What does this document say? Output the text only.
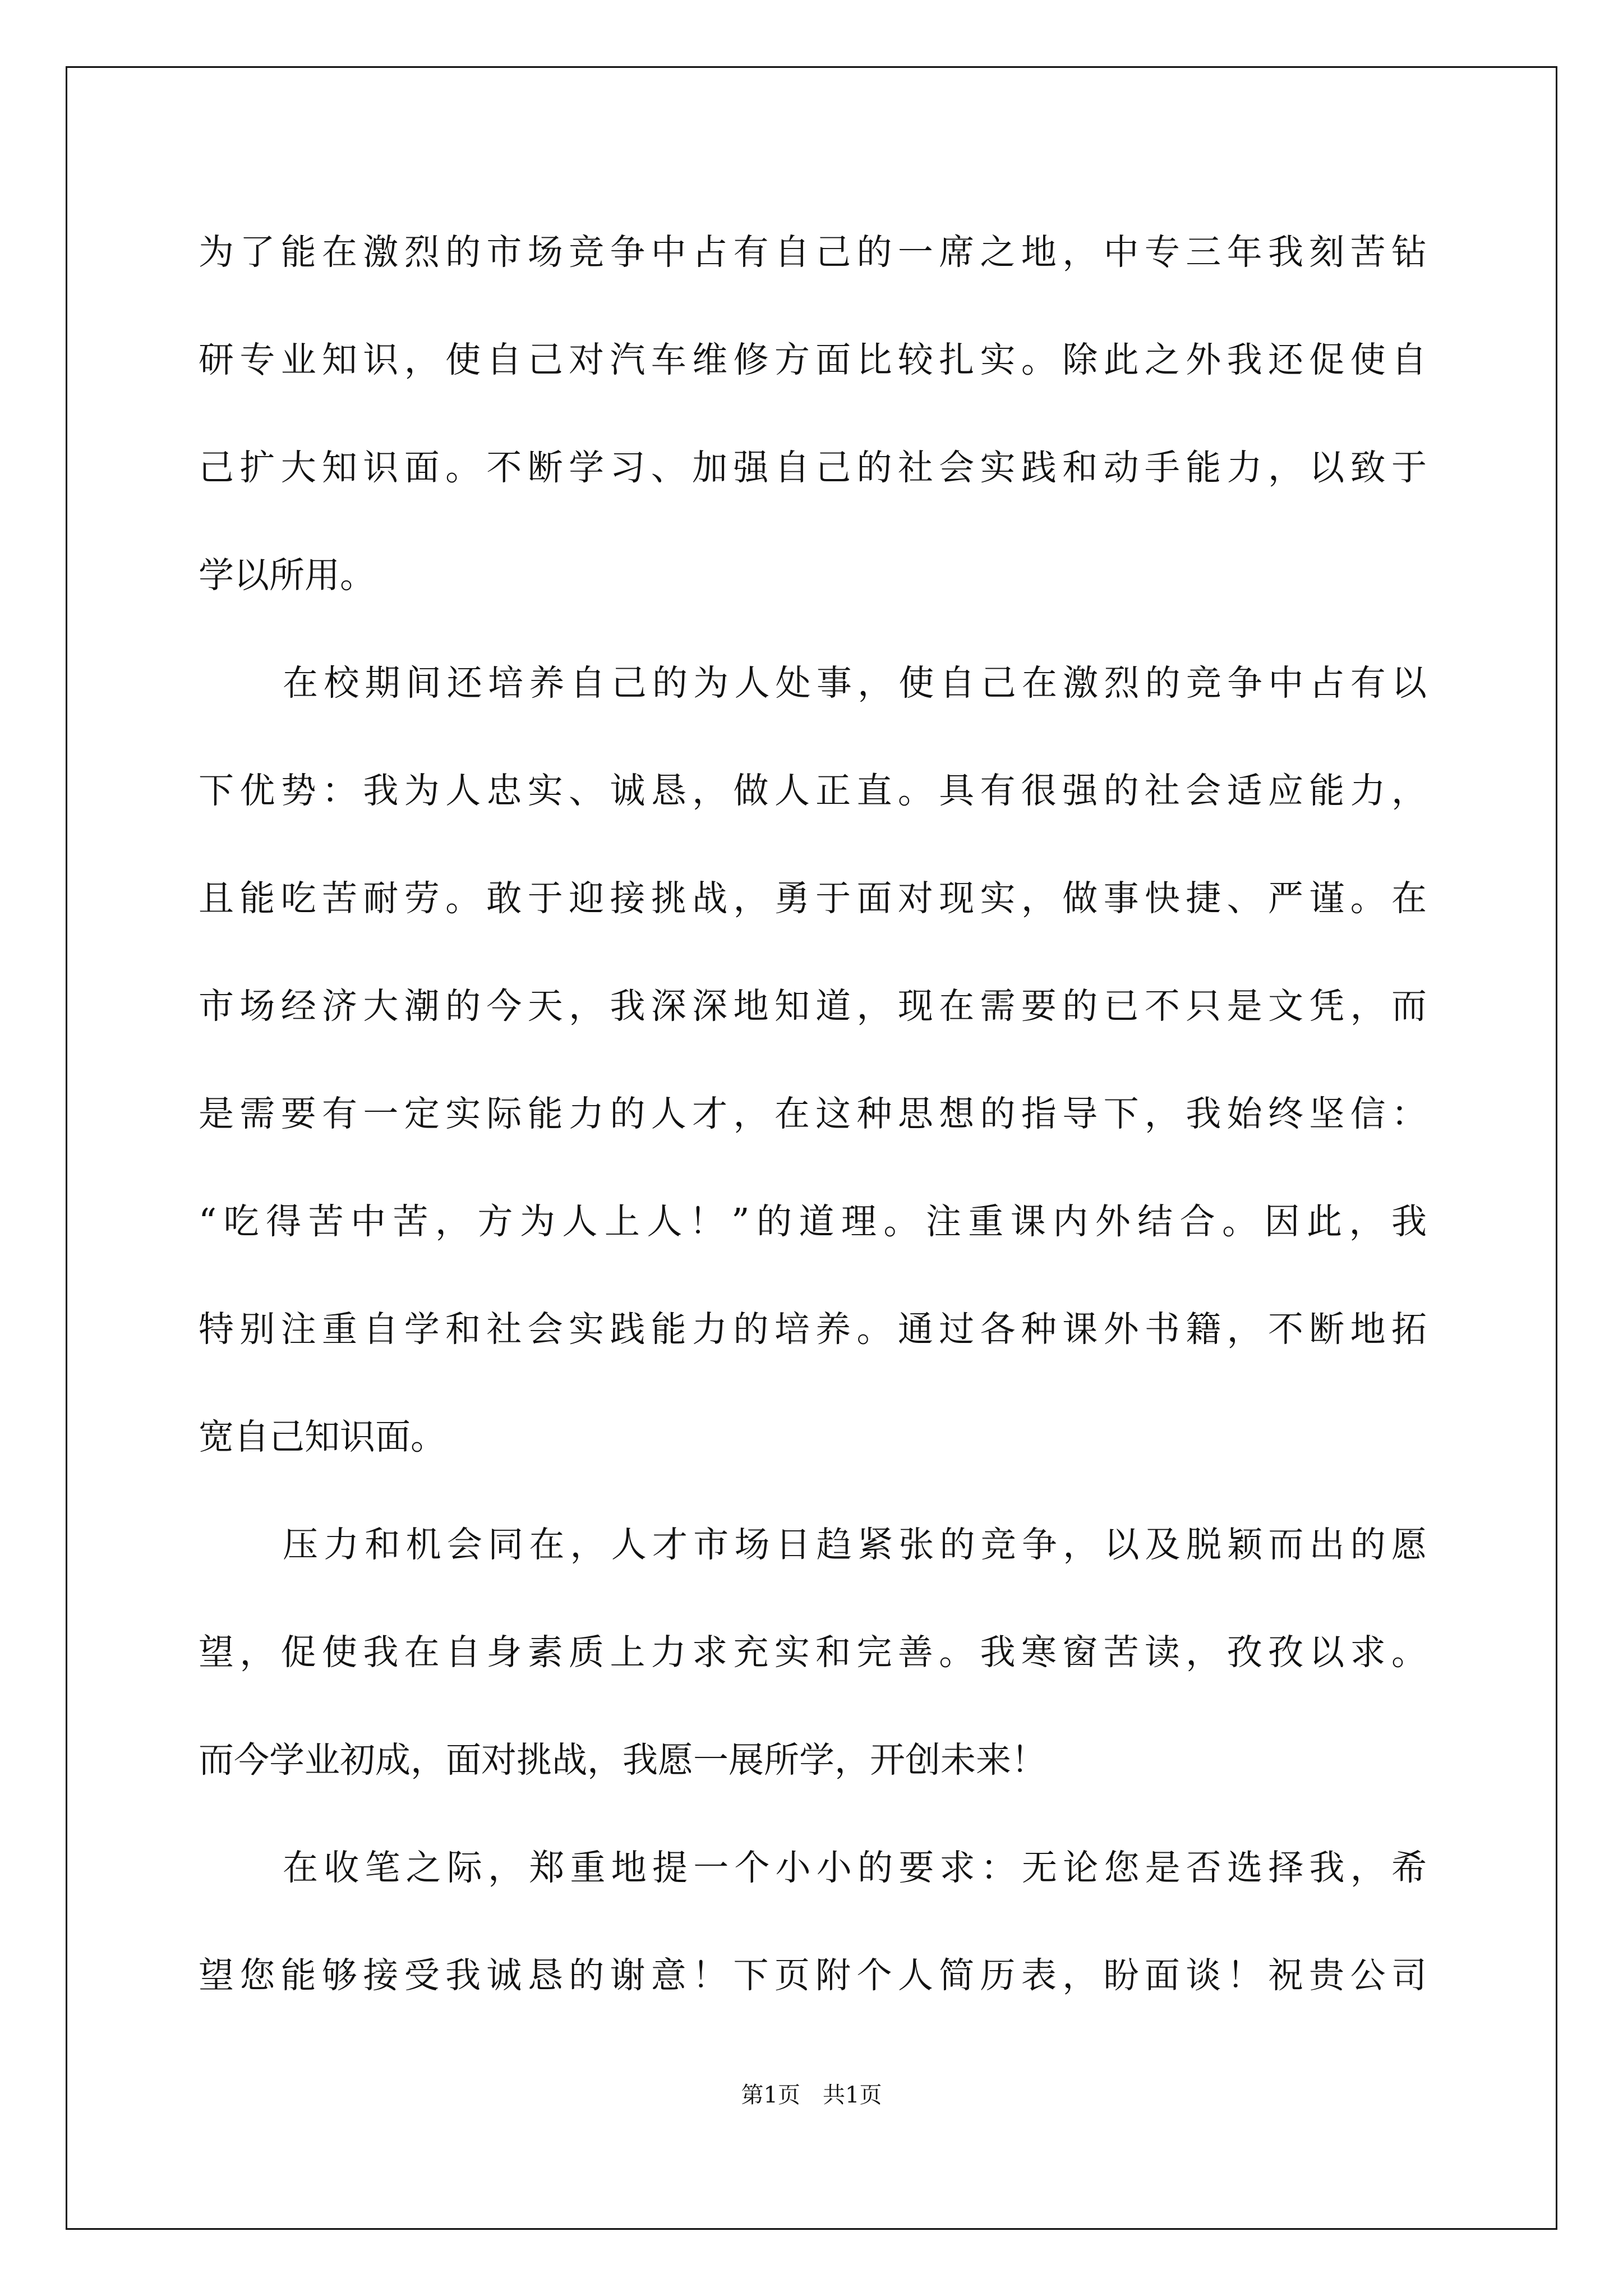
为了能在激烈的市场竞争中占有自己的一席之地，中专三年我刻苦钻
研专业知识，使自己对汽车维修方面比较扎实。除此之外我还促使自
己扩大知识面。不断学习、加强自己的社会实践和动手能力，以致于
学以所用。
在校期间还培养自己的为人处事，使自己在激烈的竞争中占有以
下优势：我为人忠实、诚恳，做人正直。具有很强的社会适应能力，
且能吃苦耐劳。敢于迎接挑战，勇于面对现实，做事快捷、严谨。在
市场经济大潮的今天，我深深地知道，现在需要的已不只是文凭，而
是需要有一定实际能力的人才，在这种思想的指导下，我始终坚信：
“吃得苦中苦，方为人上人！”的道理。注重课内外结合。因此，我
特别注重自学和社会实践能力的培养。通过各种课外书籍，不断地拓
宽自己知识面。
压力和机会同在，人才市场日趋紧张的竞争，以及脱颖而出的愿
望，促使我在自身素质上力求充实和完善。我寒窗苦读，孜孜以求。
而今学业初成，面对挑战，我愿一展所学，开创未来！
在收笔之际，郑重地提一个小小的要求：无论您是否选择我，希
望您能够接受我诚恳的谢意！下页附个人简历表，盼面谈！祝贵公司
第1页　共1页
